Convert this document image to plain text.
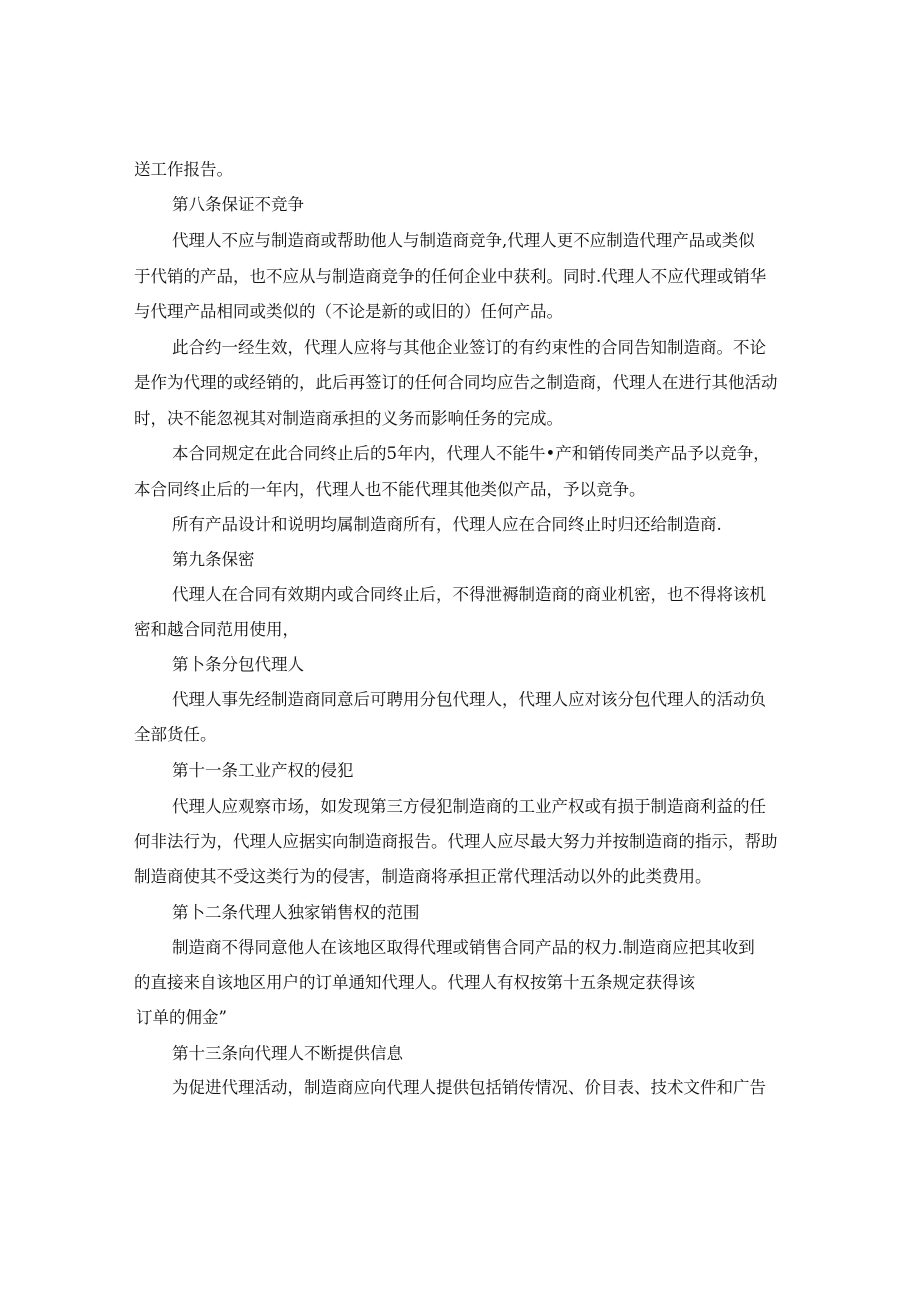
送工作报告。
第八条保证不竞争
代理人不应与制造商或帮助他人与制造商竞争,代理人更不应制造代理产品或类似
于代销的产品，也不应从与制造商竞争的任何企业中获利。同时.代理人不应代理或销华
与代理产品相同或类似的（不论是新的或旧的）任何产品。
此合约一经生效，代理人应将与其他企业签订的有约束性的合同告知制造商。不论
是作为代理的或经销的，此后再签订的任何合同均应告之制造商，代理人在进行其他活动
时，决不能忽视其对制造商承担的义务而影响任务的完成。
本合同规定在此合同终止后的5年内，代理人不能牛•产和销传同类产品予以竞争，
本合同终止后的一年内，代理人也不能代理其他类似产品，予以竞争。
所有产品设计和说明均属制造商所有，代理人应在合同终止时归还给制造商.
第九条保密
代理人在合同有效期内或合同终止后，不得泄褥制造商的商业机密，也不得将该机
密和越合同范用使用，
第卜条分包代理人
代理人事先经制造商同意后可聘用分包代理人，代理人应对该分包代理人的活动负
全部货任。
第十一条工业产权的侵犯
代理人应观察市场，如发现第三方侵犯制造商的工业产权或有损于制造商利益的任
何非法行为，代理人应据实向制造商报告。代理人应尽最大努力并按制造商的指示，帮助
制造商使其不受这类行为的侵害，制造商将承担正常代理活动以外的此类费用。
第卜二条代理人独家销售权的范围
制造商不得同意他人在该地区取得代理或销售合同产品的权力.制造商应把其收到
的直接来自该地区用户的订单通知代理人。代理人有权按第十五条规定获得该
订单的佣金”
第十三条向代理人不断提供信息
为促进代理活动，制造商应向代理人提供包括销传情况、价目表、技术文件和广告
